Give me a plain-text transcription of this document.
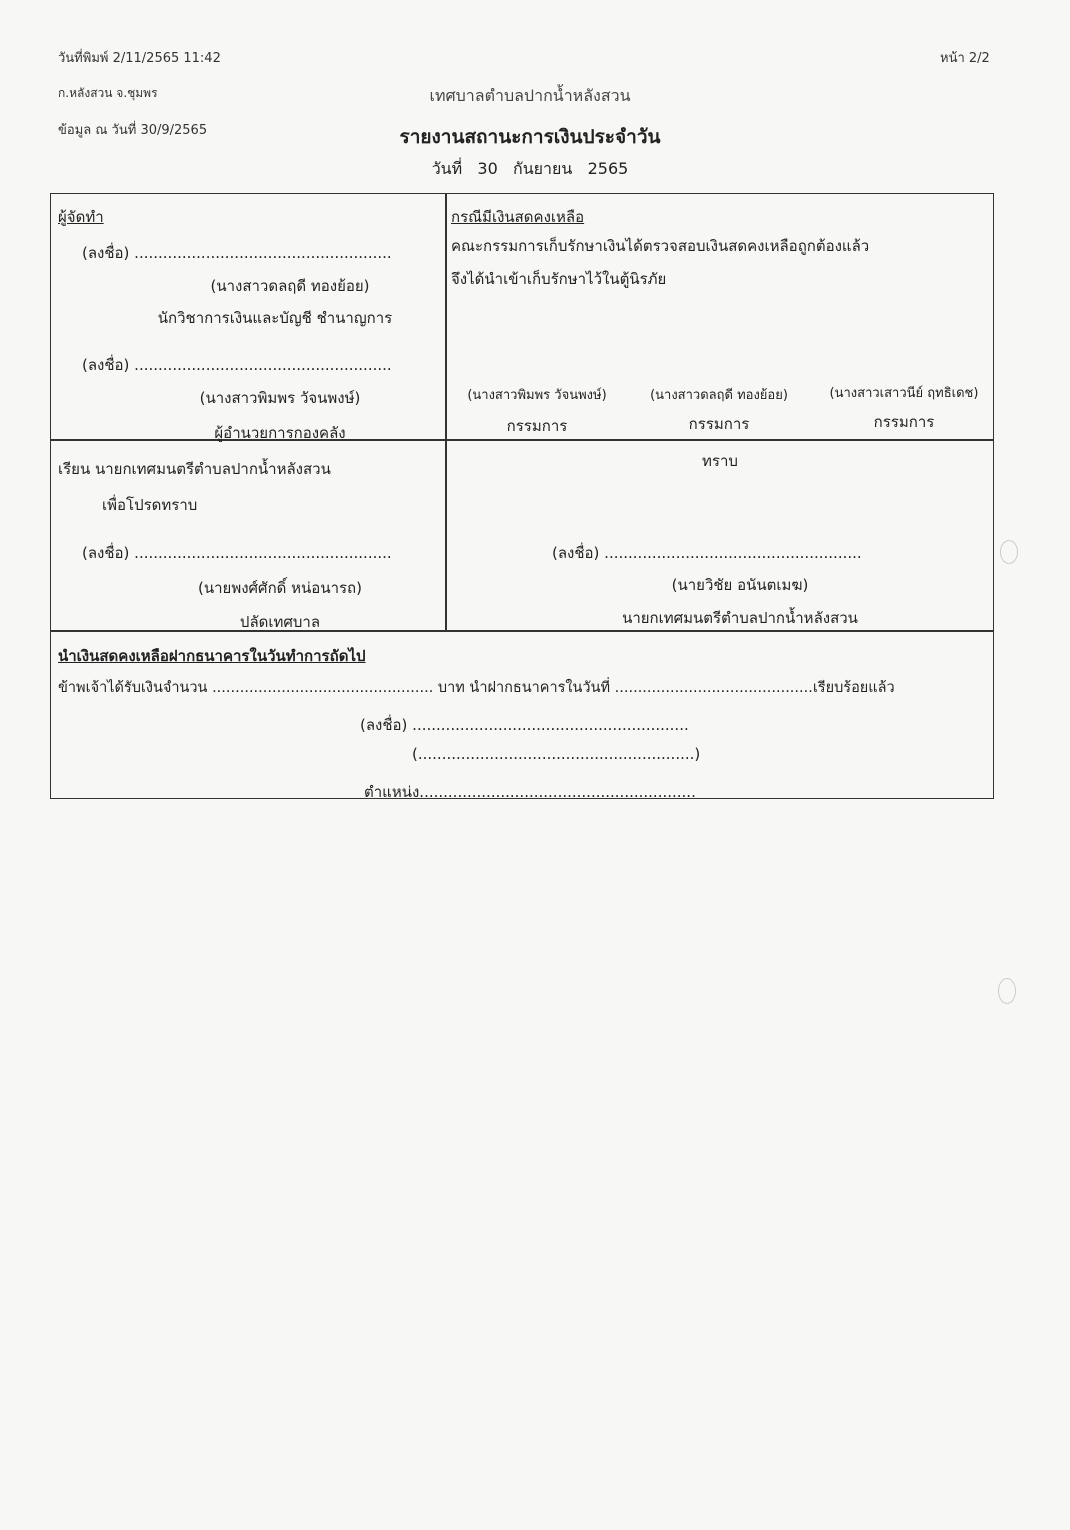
วันที่พิมพ์ 2/11/2565 11:42	หน้า 2/2
ก.หลังสวน จ.ชุมพร
ข้อมูล ณ วันที่ 30/9/2565
เทศบาลตำบลปากน้ำหลังสวน
รายงานสถานะการเงินประจำวัน
วันที่   30   กันยายน   2565
ผู้จัดทำ
(ลงชื่อ) ......................................................
(นางสาวดลฤดี ทองย้อย)
นักวิชาการเงินและบัญชี ชำนาญการ
(ลงชื่อ) ......................................................
(นางสาวพิมพร วัจนพงษ์)
ผู้อำนวยการกองคลัง
กรณีมีเงินสดคงเหลือ
คณะกรรมการเก็บรักษาเงินได้ตรวจสอบเงินสดคงเหลือถูกต้องแล้ว
จึงได้นำเข้าเก็บรักษาไว้ในตู้นิรภัย
(นางสาวพิมพร วัจนพงษ์)
กรรมการ
(นางสาวดลฤดี ทองย้อย)
กรรมการ
(นางสาวเสาวนีย์ ฤทธิเดช)
กรรมการ
เรียน นายกเทศมนตรีตำบลปากน้ำหลังสวน
เพื่อโปรดทราบ
(ลงชื่อ) ......................................................
(นายพงศ์ศักดิ์ หน่อนารถ)
ปลัดเทศบาล
ทราบ
(ลงชื่อ) ......................................................
(นายวิชัย อนันตเมฆ)
นายกเทศมนตรีตำบลปากน้ำหลังสวน
นำเงินสดคงเหลือฝากธนาคารในวันทำการถัดไป
ข้าพเจ้าได้รับเงินจำนวน ................................................ บาท นำฝากธนาคารในวันที่ ...........................................เรียบร้อยแล้ว
(ลงชื่อ) ..........................................................
(..........................................................)
ตำแหน่ง..........................................................
